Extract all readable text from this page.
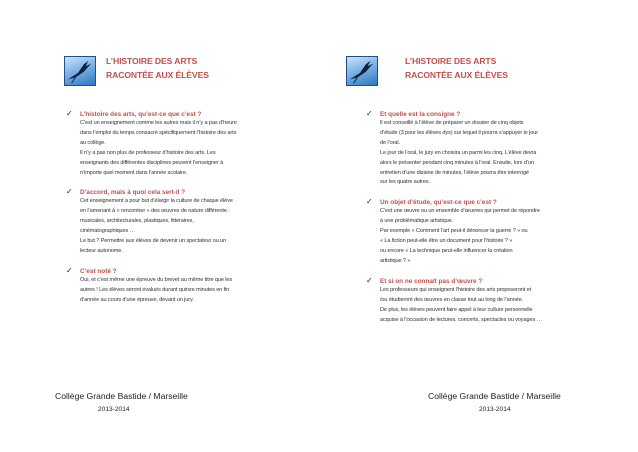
L’HISTOIRE DES ARTS
RACONTÉE AUX ÉLÈVES
✓ L’histoire des arts, qu’est-ce que c’est ?
C’est un enseignement comme les autres mais il n’y a pas d’heure
dans l’emploi du temps consacré spécifiquement l’histoire des arts
au collège.
Il n’y a pas non plus de professeur d’histoire des arts. Les
enseignants des différentes disciplines peuvent l’enseigner à
n’importe quel moment dans l’année scolaire.
✓ D’accord, mais à quoi cela sert-il ?
Cet enseignement a pour but d’élargir la culture de chaque élève
en l’amenant à « rencontrer » des œuvres de nature différente :
musicales, architecturales, plastiques, littéraires,
cinématographiques …
Le but ? Permettre aux élèves de devenir un spectateur ou un
lecteur autonome.
✓ C’est noté ?
Oui, et c’est même une épreuve du brevet au même titre que les
autres ! Les élèves seront évalués durant quinze minutes en fin
d’année au cours d’une épreuve, devant un jury.
Collège Grande Bastide / Marseille
2013-2014
L’HISTOIRE DES ARTS
RACONTÉE AUX ÉLÈVES
✓ Et quelle est la consigne ?
Il est conseillé à l’élève de préparer un dossier de cinq objets
d’étude (3 pour les élèves dys) sur lequel il pourra s’appuyer le jour
de l’oral.
Le jour de l’oral, le jury en choisira un parmi les cinq. L’élève devra
alors le présenter pendant cinq minutes à l’oral. Ensuite, lors d’un
entretien d’une dizaine de minutes, l’élève pourra être interrogé
sur les quatre autres.
✓ Un objet d’étude, qu’est-ce que c’est ?
C’est une œuvre ou un ensemble d’œuvres qui permet de répondre
à une problématique artistique.
Par exemple « Comment l’art peut-il dénoncer la guerre ? » ou
« La fiction peut-elle être un document pour l’histoire ? »
ou encore « La technique peut-elle influencer la création
artistique ? »
✓ Et si on ne connaît pas d’œuvre ?
Les professeurs qui enseignent l’histoire des arts proposeront et
/ou étudieront des œuvres en classe tout au long de l’année.
De plus, les élèves peuvent faire appel à leur culture personnelle
acquise à l’occasion de lectures, concerts, spectacles ou voyages …
Collège Grande Bastide / Marseille
2013-2014
